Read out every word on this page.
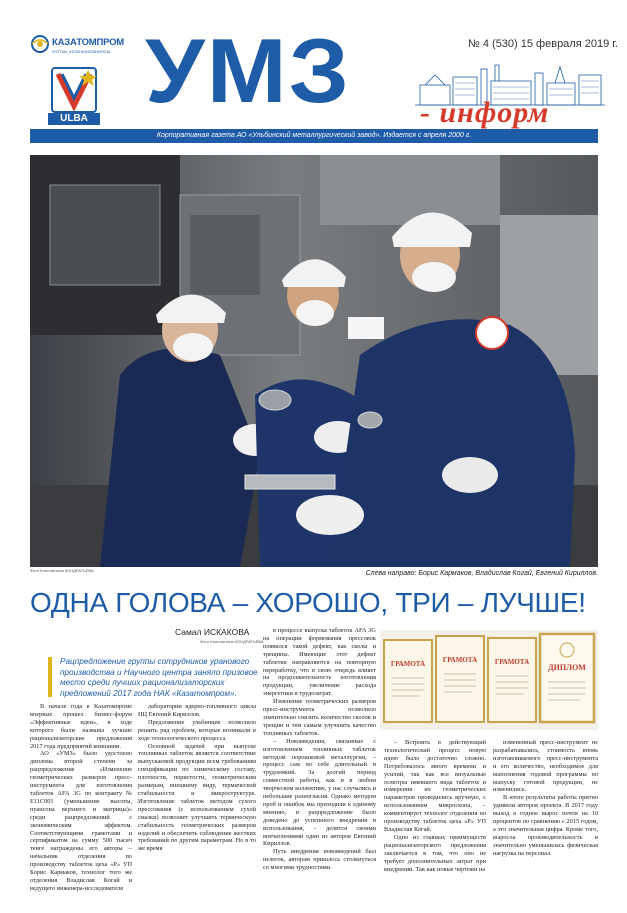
КАЗАТОМПРОМ
ҰЛТТЫҚ АТОМ КОМПАНИЯСЫ
ULBA УМЗ	№ 4 (530) 15 февраля 2019 г.
- информ
Корпоративная газета АО «Ульбинский металлургический завод». Издается с апреля 2000 г.
Фото Константина КОНДРАТЬЕВА	Слева направо: Борис Кармаков, Владислав Когай, Евгений Кириллов.
ОДНА ГОЛОВА – ХОРОШО, ТРИ – ЛУЧШЕ!
Самал ИСКАКОВА
Фото Константина КОНДРАТЬЕВА
Рацпредложение группы сотрудников уранового производства и Научного центра заняло призовое место среди лучших рационализаторских предложений 2017 года НАК «Казатомпром».

В начале года в Казатомпроме впервые прошел бизнес-форум «Эффективные идеи», в ходе которого были названы лучшие рационализаторские предложения 2017 года предприятий компании.

АО «УМЗ» было удостоено диплома второй степени за рацпредложение «Изменение геометрических размеров пресс-инструмента для изготовления таблеток AFA 3G по контракту № Е11C001 (уменьшение высоты, пуансона верхнего и матрицы)» среди рацпредложений с экономическим эффектом. Соответствующими грамотами и сертификатом на сумму 500 тысяч тенге награждены его авторы – начальник отделения по производству таблеток цеха «Р» УП Борис Кармаков, технолог того же отделения Владислав Когай и ведущего инженера-исследователя

лаборатории ядерно-топливного цикла НЦ Евгений Кириллов.

Предложение ульбинцев позволило решить ряд проблем, которые возникали в ходе технологического процесса.

Основной задачей при выпуске топливных таблеток является соответствие выпускаемой продукции всем требованиям спецификации по химическому составу, плотности, пористости, геометрическим размерам, внешнему виду, термической стабильности и микроструктуре. Изготовление таблеток методом сухого прессования (с использованием сухой смазки) позволяет улучшить термическую стабильность геометрических размеров изделий и обеспечить соблюдение жестких требований по другим параметрам. Но в то же время

в процессе выпуска таблеток AFA 3G на операции формования прессовок появился такой дефект, как сколы и трещины. Имеющие этот дефект таблетки направляются на повторную переработку, что в свою очередь влияет на продолжительность изготовления продукции, увеличение расхода энергетики и трудозатрат.

Изменение геометрических размеров пресс-инструмента позволило значительно снизить количество сколов и трещин и тем самым улучшить качество топливных таблеток.

– Нововведения, связанные с изготовлением топливных таблеток методом порошковой металлургии, – процесс сам по себе длительный и трудоемкий. За долгий период совместной работы, как и в любом творческом коллективе, у нас случались и небольшие разногласия. Однако методом проб и ошибок мы приходили к единому мнению, и рацпредложение было доведено до успешного внедрения и использования, – делится своими впечатлениями один из авторов Евгений Кириллов.

Путь внедрения нововведений был нелегок, авторам пришлось столкнуться со многими трудностями.

– Встроить в действующий технологический процесс новую идею было достаточно сложно. Потребовалось много времени и усилий, так как все визуальные осмотры имевшего вида таблеток и измерения их геометрических параметров проводились вручную, с использованием микроскопа, – комментирует технолог отделения по производству таблеток цеха «Р» УП Владислав Когай.

Одно из главных преимуществ рационализаторского предложения заключается в том, что оно не требует дополнительных затрат при внедрении. Так как новые чертежи на

измененный пресс-инструмент не разрабатывались, стоимость вновь изготавливаемого пресс-инструмента и его количество, необходимое для выполнения годовой программы по выпуску готовой продукции, не изменились.

В итоге результаты работы притно удивили авторов проекта. В 2017 году выход в годное вырос почти на 10 процентов по сравнению с 2015 годом, а это значительная цифра. Кроме того, выросла производительность и значительно уменьшилась физическая нагрузка на персонал.

ГРАМОТА	ГРАМОТА	ГРАМОТА
ДИПЛОМ
